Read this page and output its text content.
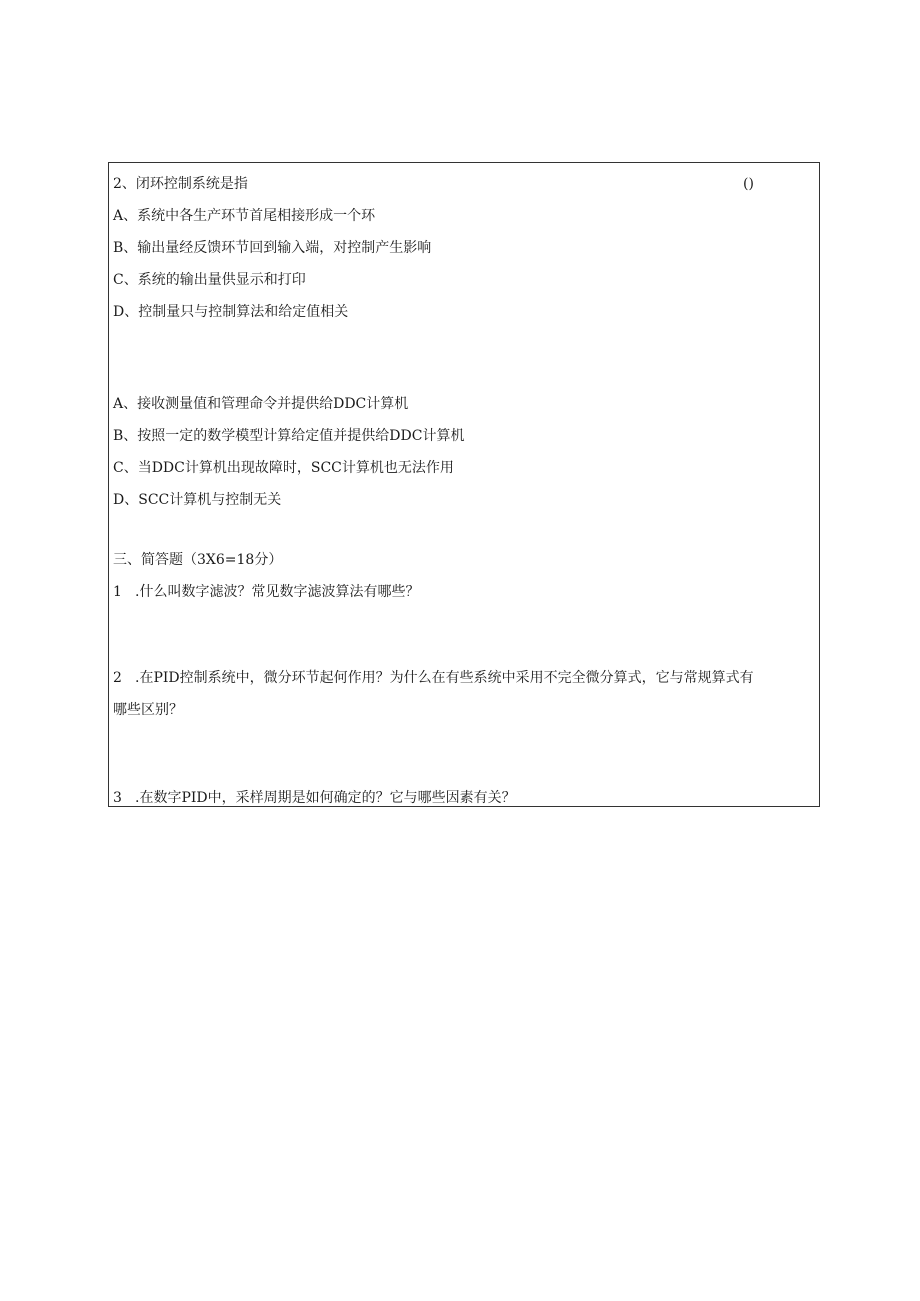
2、闭环控制系统是指	()
A、系统中各生产环节首尾相接形成一个环
B、输出量经反馈环节回到输入端，对控制产生影响
C、系统的输出量供显示和打印
D、控制量只与控制算法和给定值相关
A、接收测量值和管理命令并提供给DDC计算机
B、按照一定的数学模型计算给定值并提供给DDC计算机
C、当DDC计算机出现故障时，SCC计算机也无法作用
D、SCC计算机与控制无关
三、简答题（3X6=18分）
1 .什么叫数字滤波？常见数字滤波算法有哪些？
2 .在PID控制系统中，微分环节起何作用？为什么在有些系统中采用不完全微分算式，它与常规算式有
哪些区别？
3 .在数字PID中，采样周期是如何确定的？它与哪些因素有关？
